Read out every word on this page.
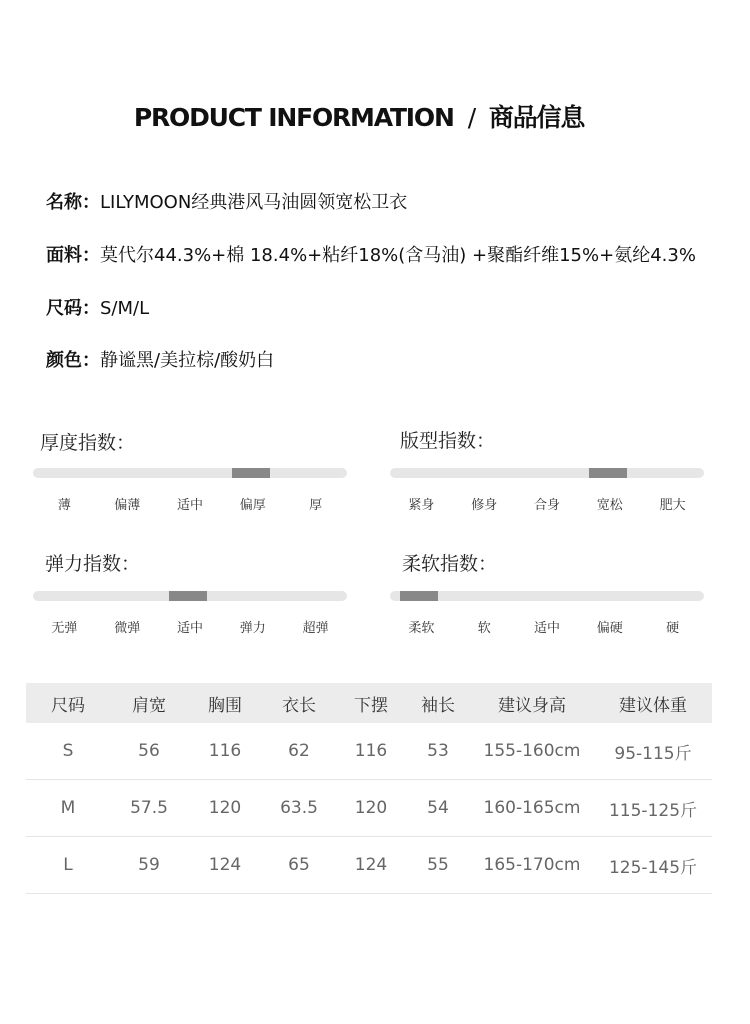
PRODUCT INFORMATION / 商品信息
名称：LILYMOON经典港风马油圆领宽松卫衣
面料：莫代尔44.3%+棉 18.4%+粘纤18%(含马油) +聚酯纤维15%+氨纶4.3%
尺码：S/M/L
颜色：静谧黑/美拉棕/酸奶白
厚度指数：
薄	偏薄	适中	偏厚	厚
版型指数：
紧身	修身	合身	宽松	肥大
弹力指数：
无弹	微弹	适中	弹力	超弹
柔软指数：
柔软	软	适中	偏硬	硬
尺码	肩宽	胸围	衣长	下摆	袖长	建议身高	建议体重
S	56	116	62	116	53	155-160cm	95-115斤
M	57.5	120	63.5	120	54	160-165cm	115-125斤
L	59	124	65	124	55	165-170cm	125-145斤
